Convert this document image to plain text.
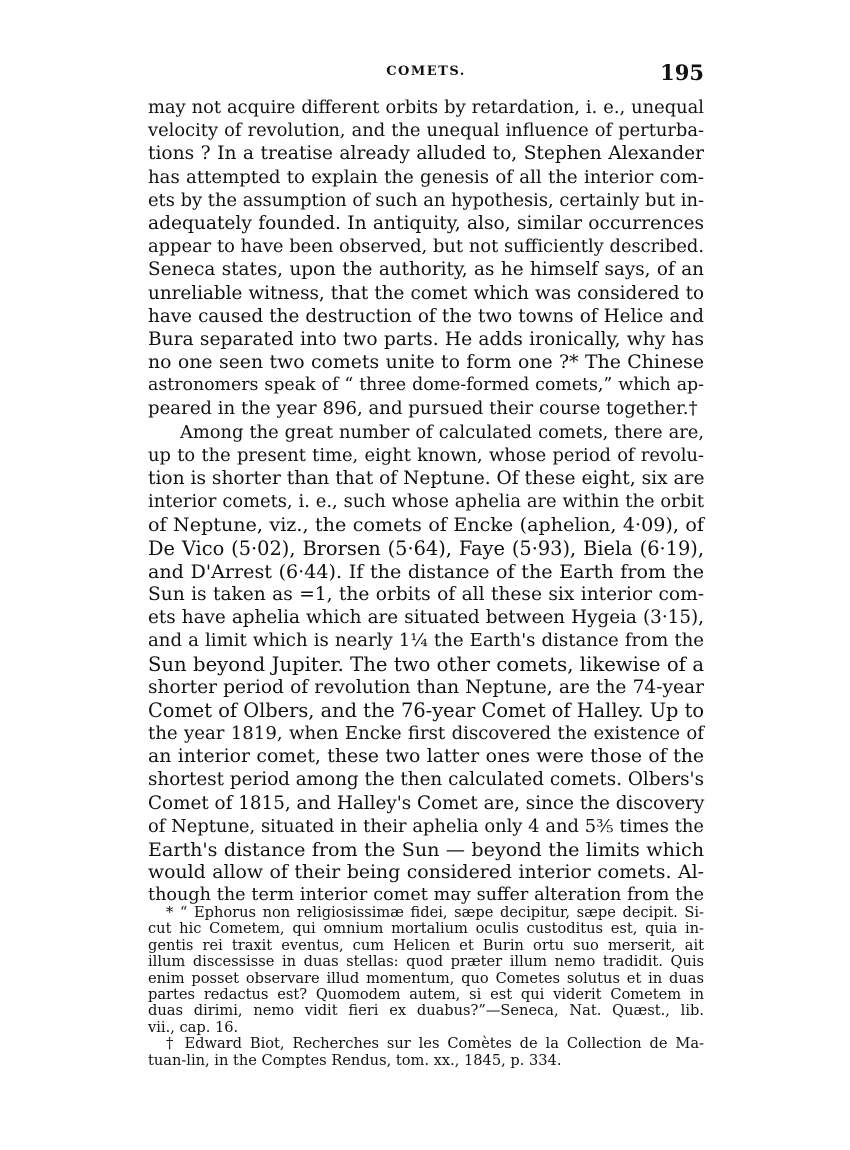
COMETS.	195
may not acquire different orbits by retardation, i. e., unequal
velocity of revolution, and the unequal influence of perturba-
tions ? In a treatise already alluded to, Stephen Alexander
has attempted to explain the genesis of all the interior com-
ets by the assumption of such an hypothesis, certainly but in-
adequately founded. In antiquity, also, similar occurrences
appear to have been observed, but not sufficiently described.
Seneca states, upon the authority, as he himself says, of an
unreliable witness, that the comet which was considered to
have caused the destruction of the two towns of Helice and
Bura separated into two parts. He adds ironically, why has
no one seen two comets unite to form one ?* The Chinese
astronomers speak of “ three dome-formed comets,” which ap-
peared in the year 896, and pursued their course together.†
Among the great number of calculated comets, there are,
up to the present time, eight known, whose period of revolu-
tion is shorter than that of Neptune. Of these eight, six are
interior comets, i. e., such whose aphelia are within the orbit
of Neptune, viz., the comets of Encke (aphelion, 4·09), of
De Vico (5·02), Brorsen (5·64), Faye (5·93), Biela (6·19),
and D'Arrest (6·44). If the distance of the Earth from the
Sun is taken as =1, the orbits of all these six interior com-
ets have aphelia which are situated between Hygeia (3·15),
and a limit which is nearly 1¼ the Earth's distance from the
Sun beyond Jupiter. The two other comets, likewise of a
shorter period of revolution than Neptune, are the 74-year
Comet of Olbers, and the 76-year Comet of Halley. Up to
the year 1819, when Encke first discovered the existence of
an interior comet, these two latter ones were those of the
shortest period among the then calculated comets. Olbers's
Comet of 1815, and Halley's Comet are, since the discovery
of Neptune, situated in their aphelia only 4 and 5⅗ times the
Earth's distance from the Sun — beyond the limits which
would allow of their being considered interior comets. Al-
though the term interior comet may suffer alteration from the
* “ Ephorus non religiosissimæ fidei, sæpe decipitur, sæpe decipit. Si-
cut hic Cometem, qui omnium mortalium oculis custoditus est, quia in-
gentis rei traxit eventus, cum Helicen et Burin ortu suo merserit, ait
illum discessisse in duas stellas: quod præter illum nemo tradidit. Quis
enim posset observare illud momentum, quo Cometes solutus et in duas
partes redactus est? Quomodem autem, si est qui viderit Cometem in
duas dirimi, nemo vidit fieri ex duabus?”—Seneca, Nat. Quæst., lib.
vii., cap. 16.
† Edward Biot, Recherches sur les Comètes de la Collection de Ma-
tuan-lin, in the Comptes Rendus, tom. xx., 1845, p. 334.
